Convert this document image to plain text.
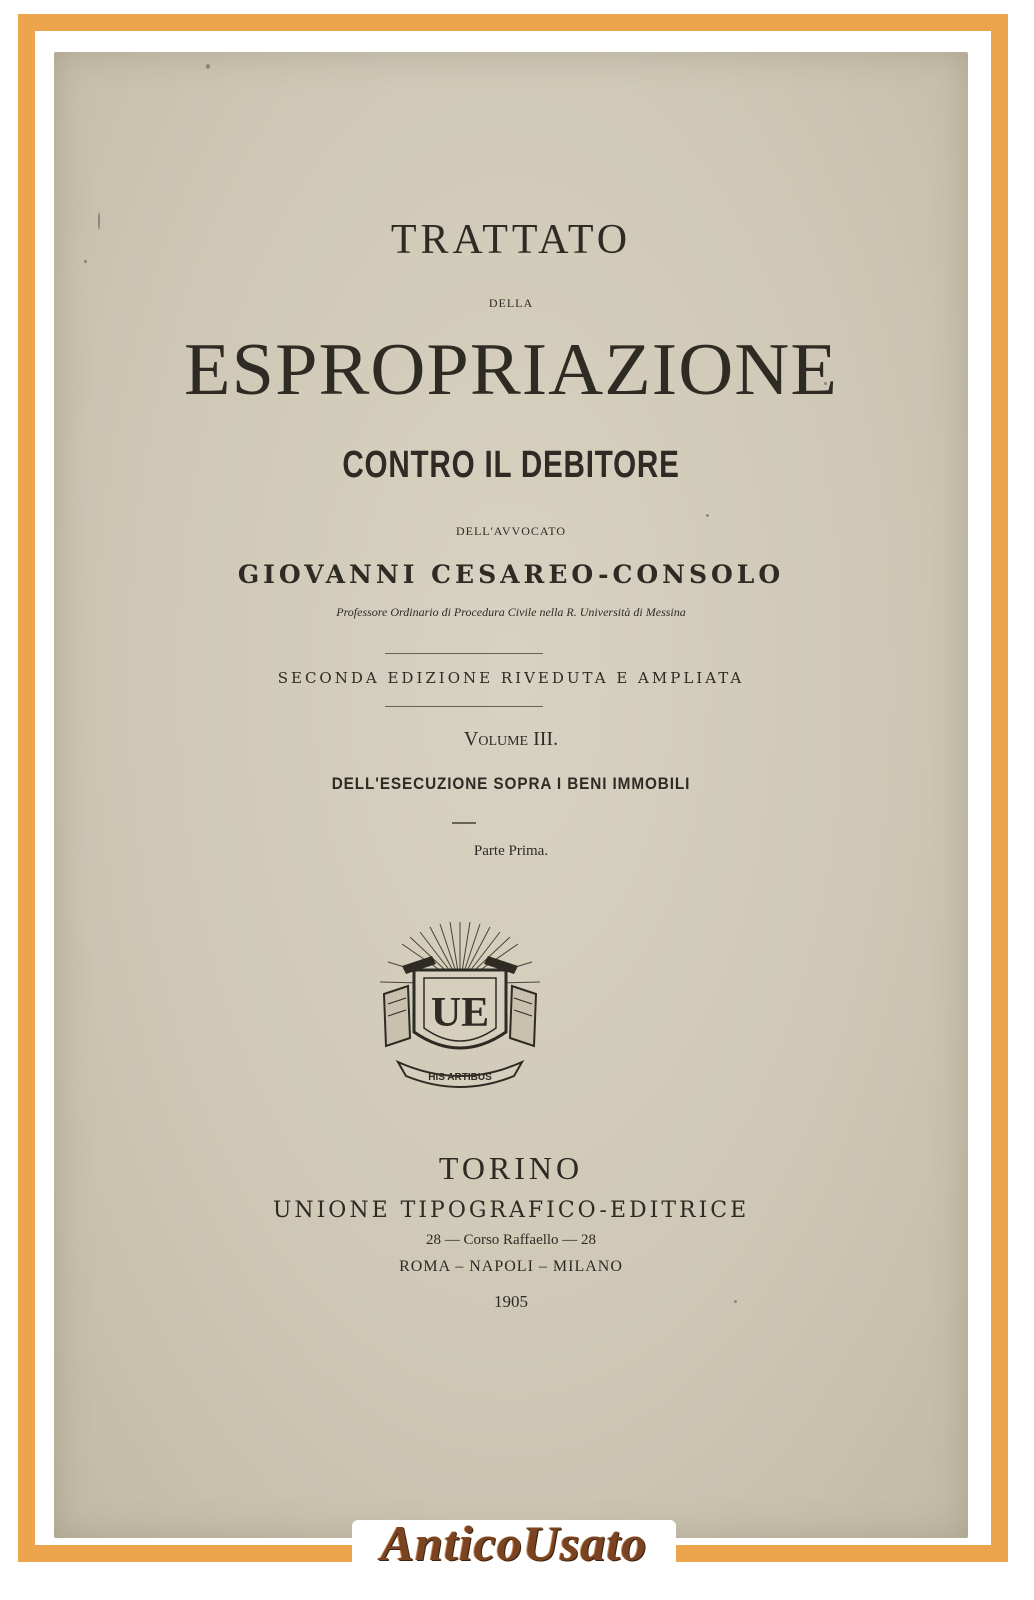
TRATTATO
DELLA
ESPROPRIAZIONE
CONTRO IL DEBITORE
DELL'AVVOCATO
GIOVANNI CESAREO-CONSOLO
Professore Ordinario di Procedura Civile nella R. Università di Messina
SECONDA EDIZIONE RIVEDUTA E AMPLIATA
Volume III.
DELL'ESECUZIONE SOPRA I BENI IMMOBILI
Parte Prima.
UE
HIS ARTIBUS
TORINO
UNIONE TIPOGRAFICO-EDITRICE
28 — Corso Raffaello — 28
ROMA – NAPOLI – MILANO
1905
AnticoUsato
